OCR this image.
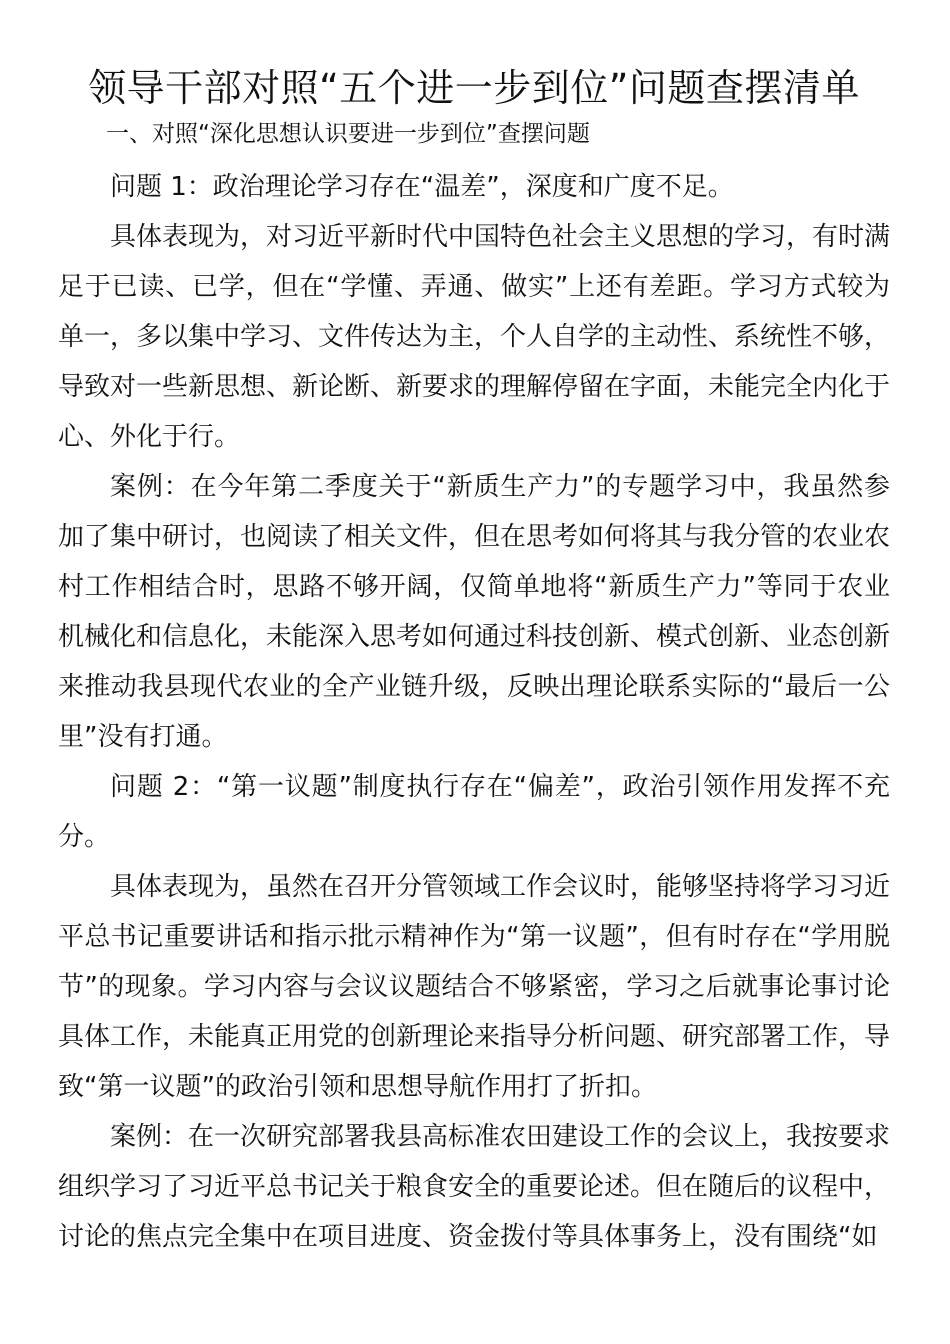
领导干部对照“五个进一步到位”问题查摆清单

一、对照“深化思想认识要进一步到位”查摆问题

问题 1：政治理论学习存在“温差”，深度和广度不足。

具体表现为，对习近平新时代中国特色社会主义思想的学习，有时满足于已读、已学，但在“学懂、弄通、做实”上还有差距。学习方式较为单一，多以集中学习、文件传达为主，个人自学的主动性、系统性不够，导致对一些新思想、新论断、新要求的理解停留在字面，未能完全内化于心、外化于行。

案例：在今年第二季度关于“新质生产力”的专题学习中，我虽然参加了集中研讨，也阅读了相关文件，但在思考如何将其与我分管的农业农村工作相结合时，思路不够开阔，仅简单地将“新质生产力”等同于农业机械化和信息化，未能深入思考如何通过科技创新、模式创新、业态创新来推动我县现代农业的全产业链升级，反映出理论联系实际的“最后一公里”没有打通。

问题 2：“第一议题”制度执行存在“偏差”，政治引领作用发挥不充分。

具体表现为，虽然在召开分管领域工作会议时，能够坚持将学习习近平总书记重要讲话和指示批示精神作为“第一议题”，但有时存在“学用脱节”的现象。学习内容与会议议题结合不够紧密，学习之后就事论事讨论具体工作，未能真正用党的创新理论来指导分析问题、研究部署工作，导致“第一议题”的政治引领和思想导航作用打了折扣。

案例：在一次研究部署我县高标准农田建设工作的会议上，我按要求组织学习了习近平总书记关于粮食安全的重要论述。但在随后的议程中，讨论的焦点完全集中在项目进度、资金拨付等具体事务上，没有围绕“如
